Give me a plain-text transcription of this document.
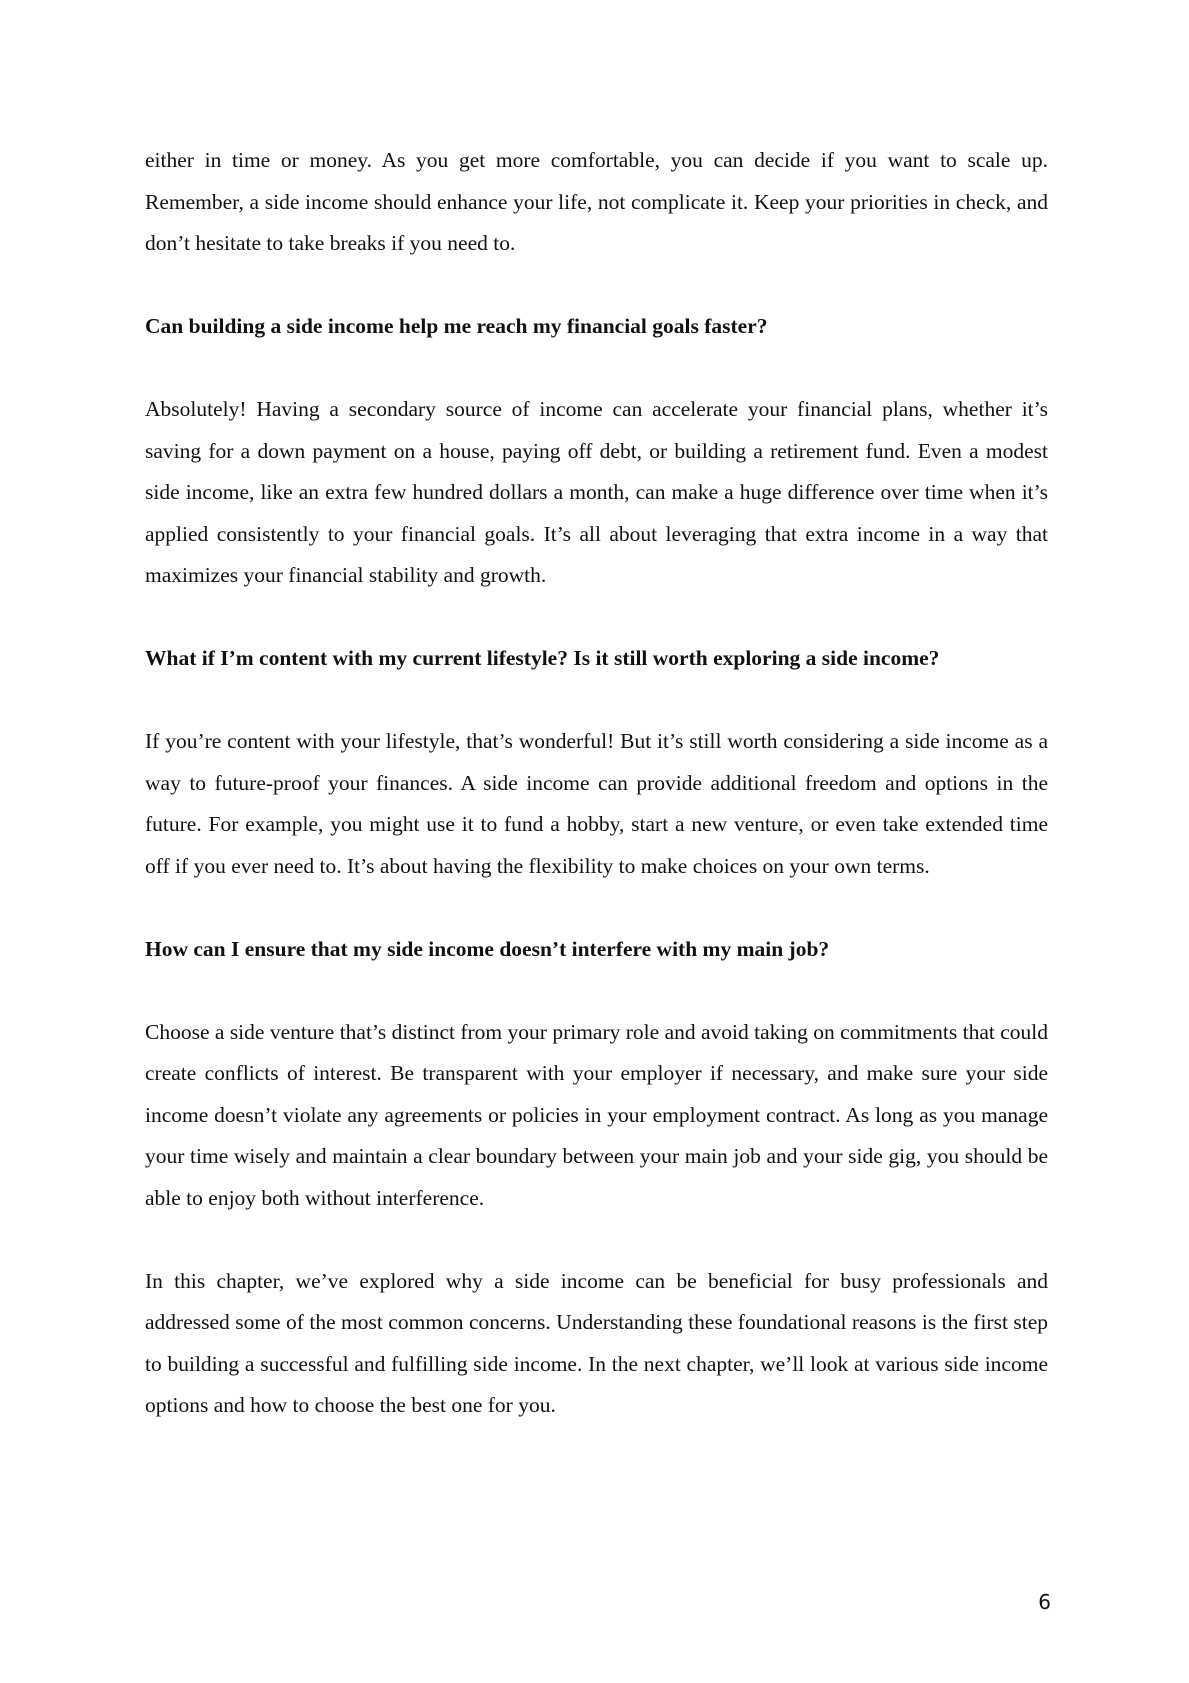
either in time or money. As you get more comfortable, you can decide if you want to scale up. Remember, a side income should enhance your life, not complicate it. Keep your priorities in check, and don’t hesitate to take breaks if you need to.

Can building a side income help me reach my financial goals faster?

Absolutely! Having a secondary source of income can accelerate your financial plans, whether it’s saving for a down payment on a house, paying off debt, or building a retirement fund. Even a modest side income, like an extra few hundred dollars a month, can make a huge difference over time when it’s applied consistently to your financial goals. It’s all about leveraging that extra income in a way that maximizes your financial stability and growth.

What if I’m content with my current lifestyle? Is it still worth exploring a side income?

If you’re content with your lifestyle, that’s wonderful! But it’s still worth considering a side income as a way to future-proof your finances. A side income can provide additional freedom and options in the future. For example, you might use it to fund a hobby, start a new venture, or even take extended time off if you ever need to. It’s about having the flexibility to make choices on your own terms.

How can I ensure that my side income doesn’t interfere with my main job?

Choose a side venture that’s distinct from your primary role and avoid taking on commitments that could create conflicts of interest. Be transparent with your employer if necessary, and make sure your side income doesn’t violate any agreements or policies in your employment contract. As long as you manage your time wisely and maintain a clear boundary between your main job and your side gig, you should be able to enjoy both without interference.

In this chapter, we’ve explored why a side income can be beneficial for busy professionals and addressed some of the most common concerns. Understanding these foundational reasons is the first step to building a successful and fulfilling side income. In the next chapter, we’ll look at various side income options and how to choose the best one for you.

6
